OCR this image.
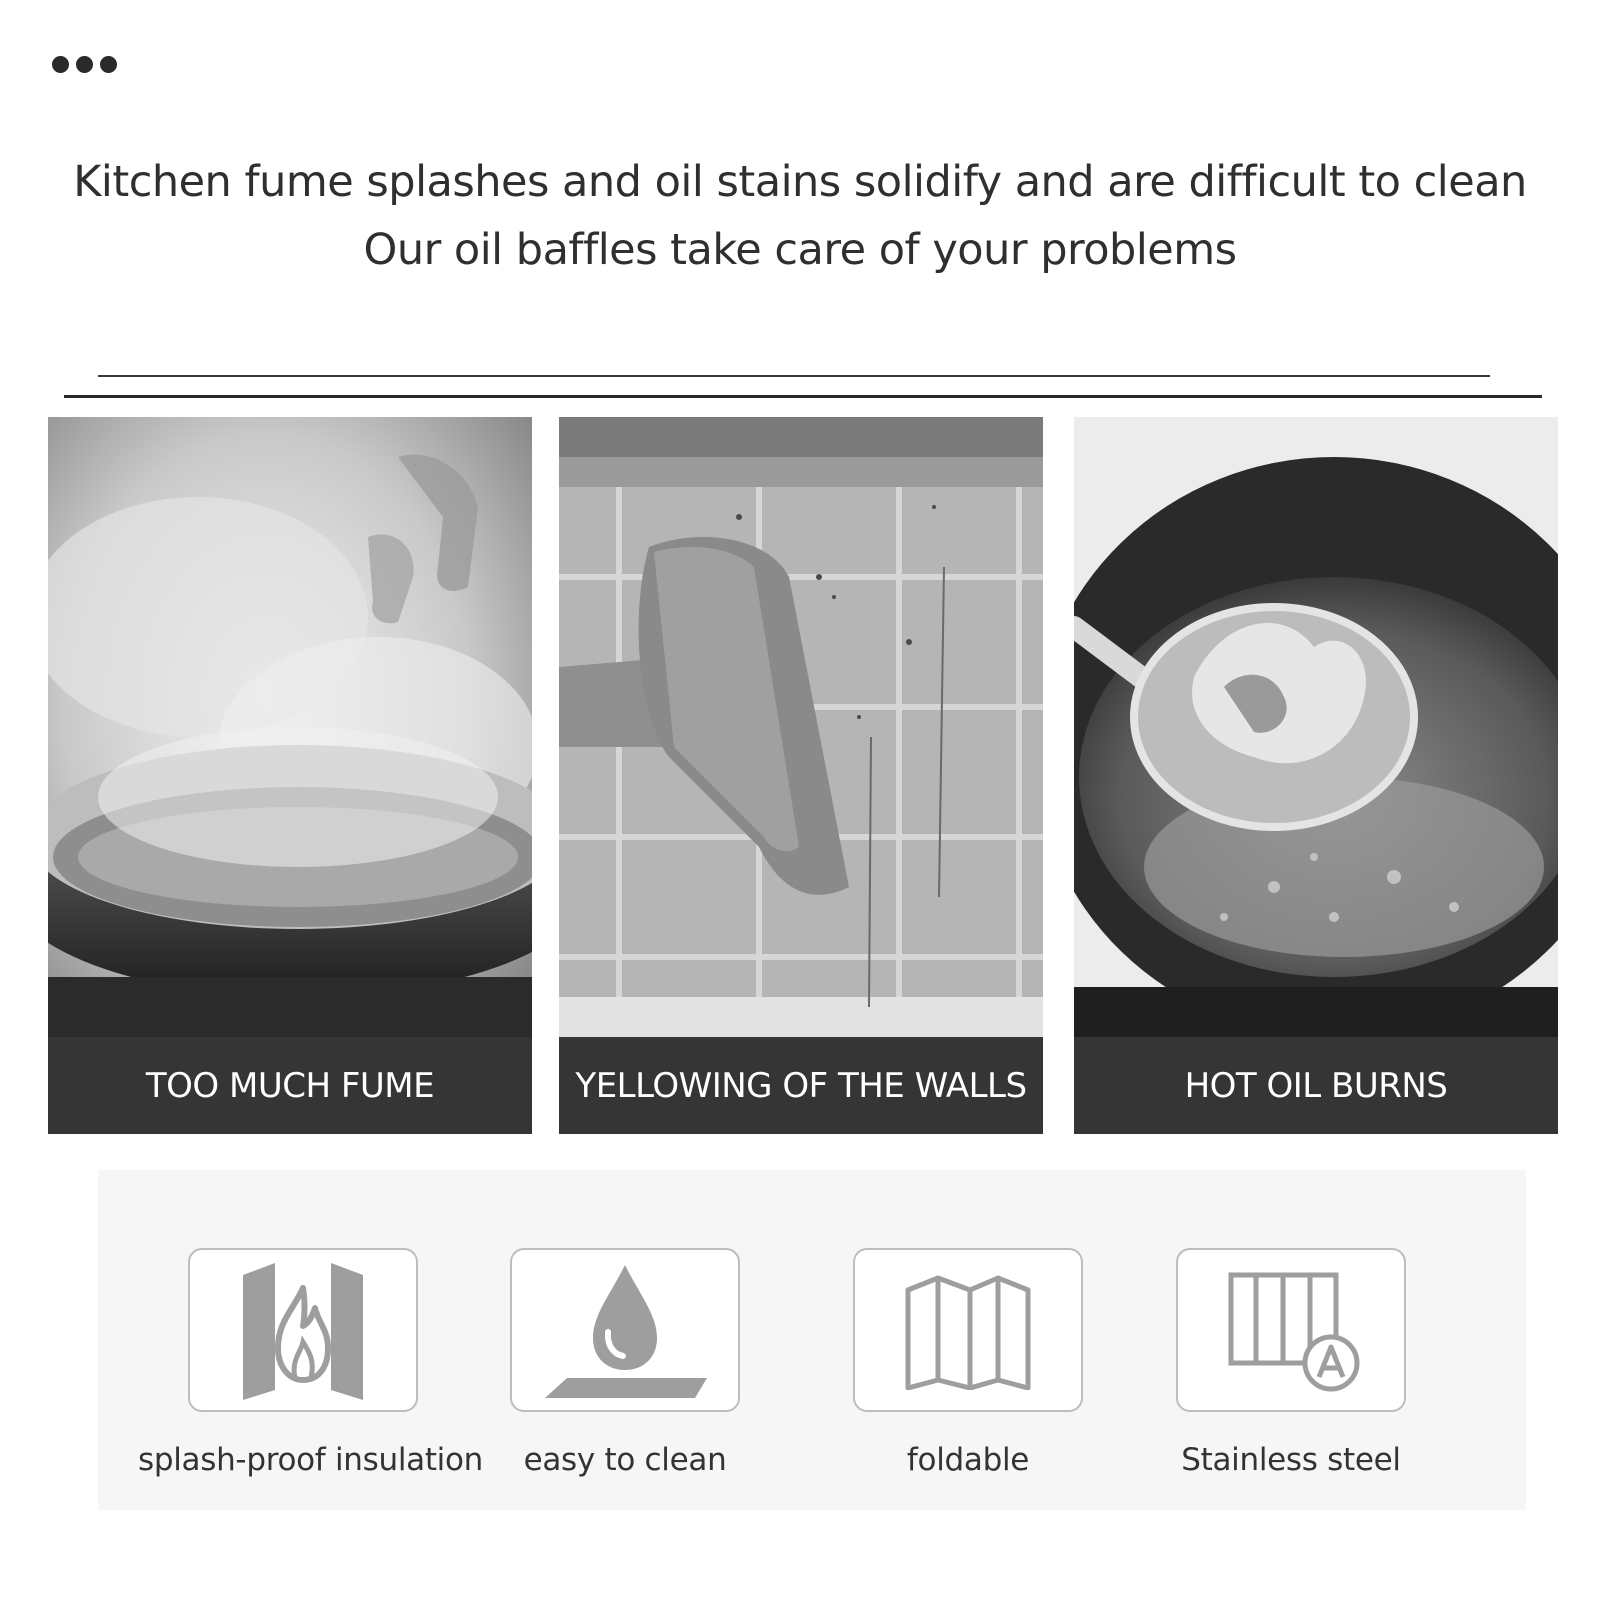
Kitchen fume splashes and oil stains solidify and are difficult to clean
Our oil baffles take care of your problems
TOO MUCH FUME	YELLOWING OF THE WALLS	HOT OIL BURNS
splash-proof insulation	easy to clean	foldable	Stainless steel
